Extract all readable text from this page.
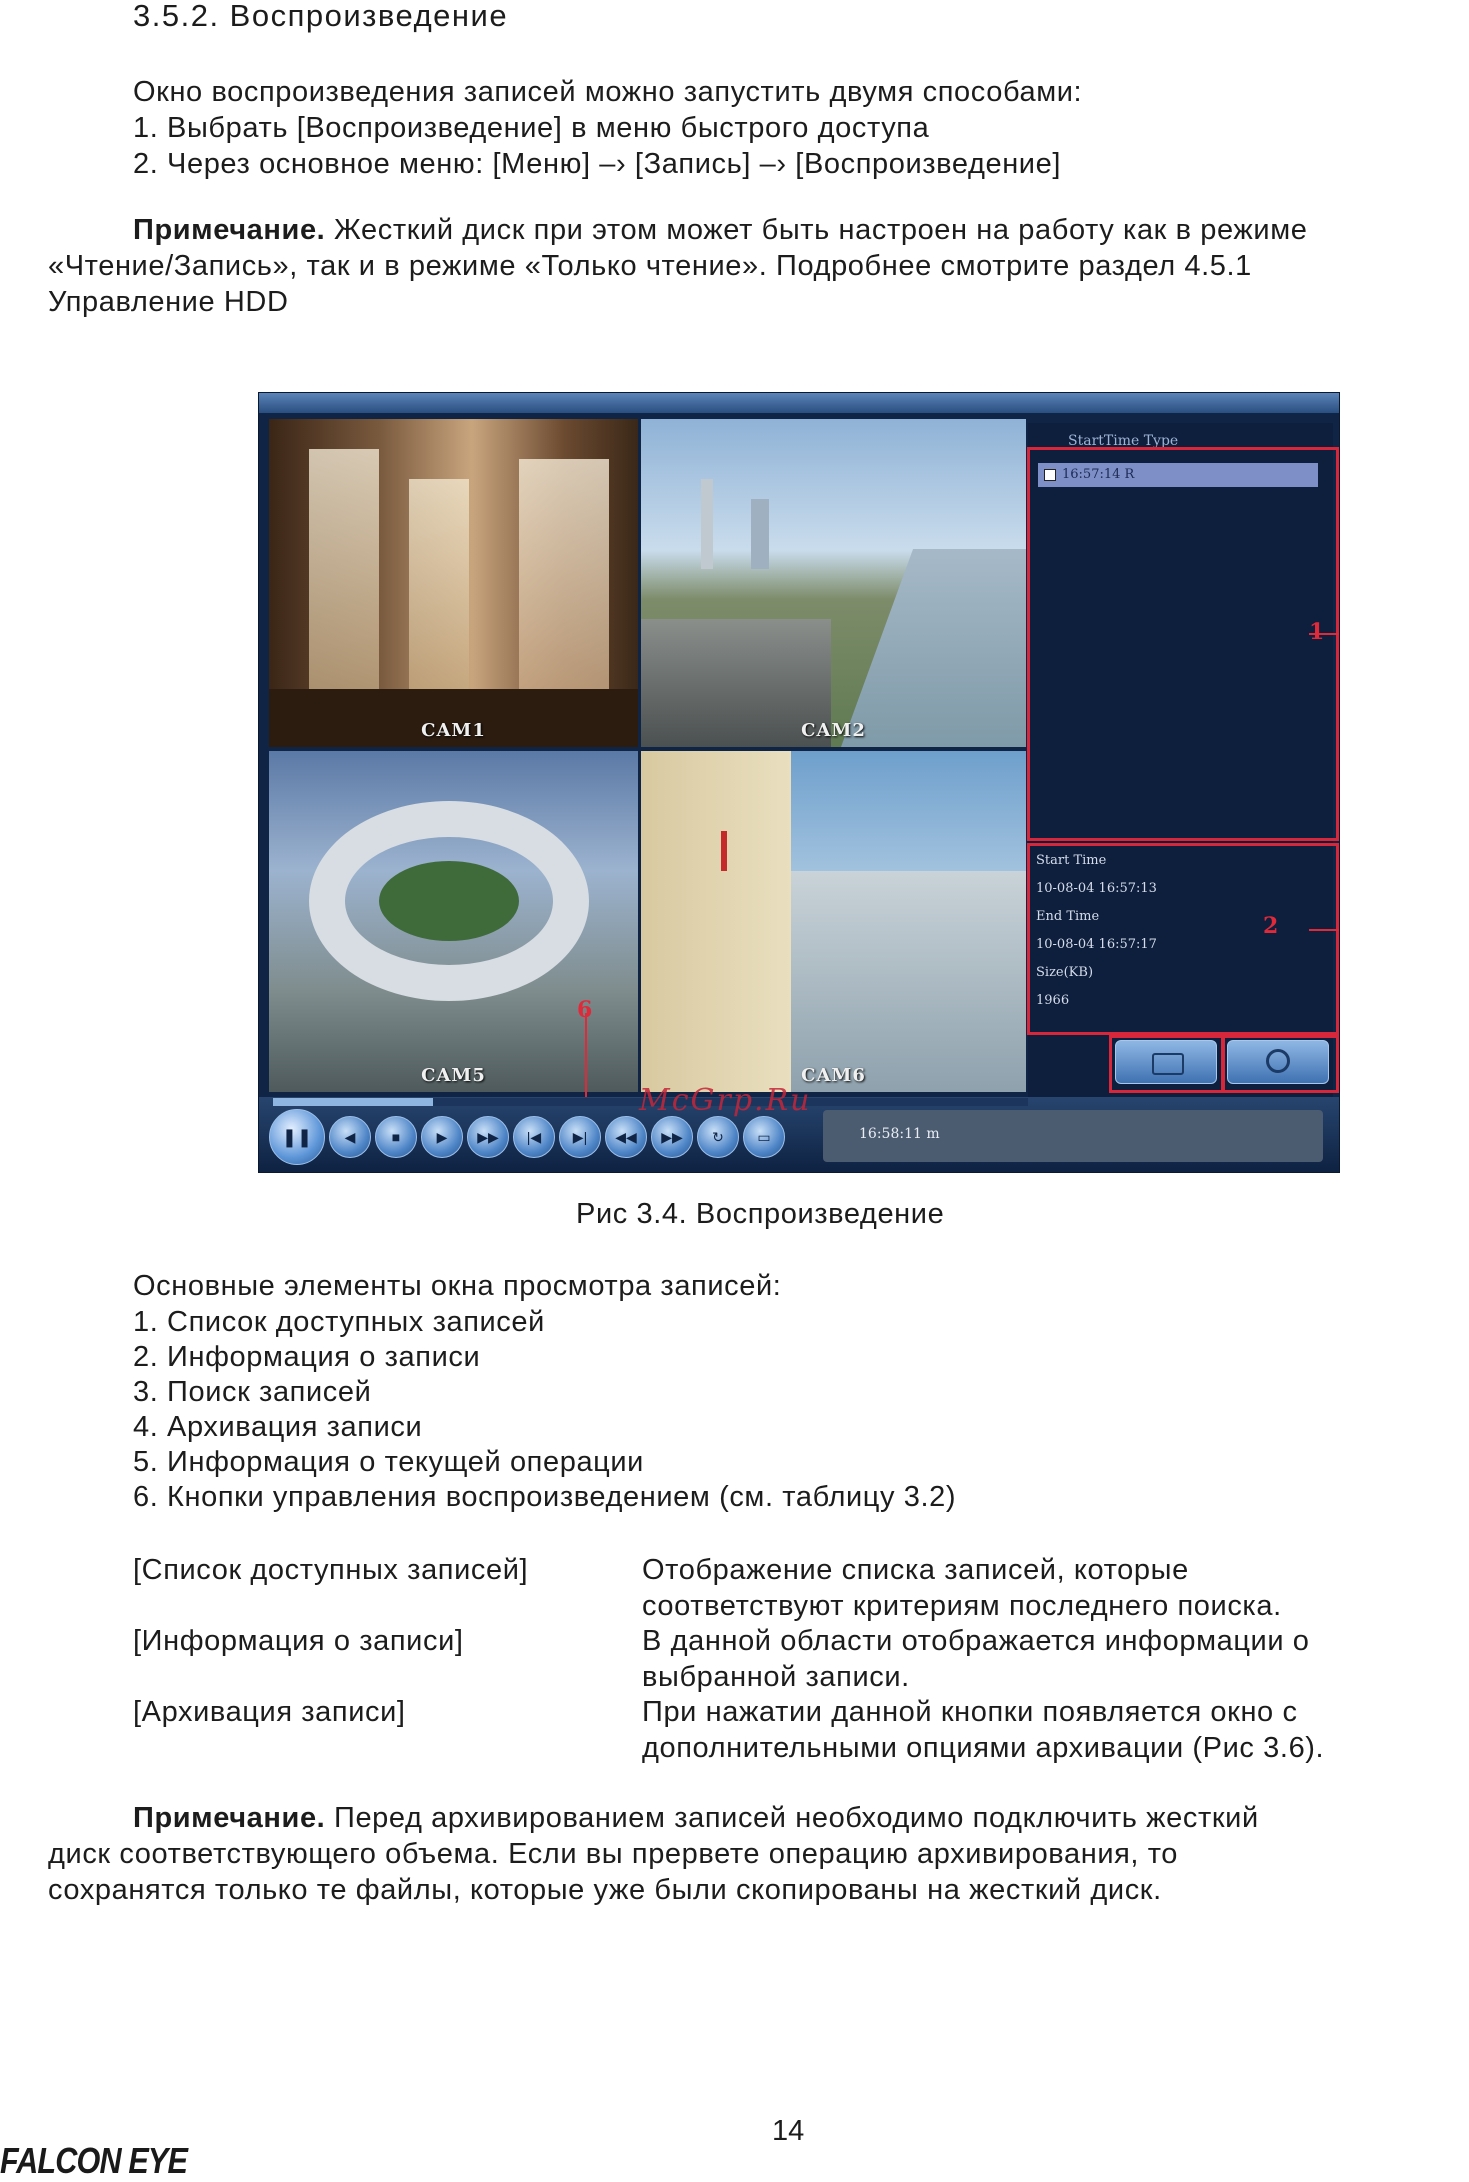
3.5.2. Воспроизведение
Окно воспроизведения записей можно запустить двумя способами:
1. Выбрать [Воспроизведение] в меню быстрого доступа
2. Через основное меню: [Меню] –› [Запись] –› [Воспроизведение]
Примечание. Жесткий диск при этом может быть настроен на работу как в режиме
«Чтение/Запись», так и в режиме «Только чтение». Подробнее смотрите раздел 4.5.1
Управление HDD
CAM1	CAM2
CAM5	CAM6
StartTime Type
16:57:14 R
Start Time
10-08-04 16:57:13
End Time
10-08-04 16:57:17
Size(KB)
1966
1
2
6
❚❚	◀	■	▶	▶▶	|◀	▶|	◀◀	▶▶	↻	▭	16:58:11 m
McGrp.Ru
Рис 3.4. Воспроизведение
Основные элементы окна просмотра записей:
1. Список доступных записей
2. Информация о записи
3. Поиск записей
4. Архивация записи
5. Информация о текущей операции
6. Кнопки управления воспроизведением (см. таблицу 3.2)
[Список доступных записей]	Отображение списка записей, которые
соответствуют критериям последнего поиска.
[Информация о записи]	В данной области отображается информации о
выбранной записи.
[Архивация записи]	При нажатии данной кнопки появляется окно с
дополнительными опциями архивации (Рис 3.6).
Примечание. Перед архивированием записей необходимо подключить жесткий
диск соответствующего объема. Если вы прервете операцию архивирования, то
сохранятся только те файлы, которые уже были скопированы на жесткий диск.
14
FALCON EYE
